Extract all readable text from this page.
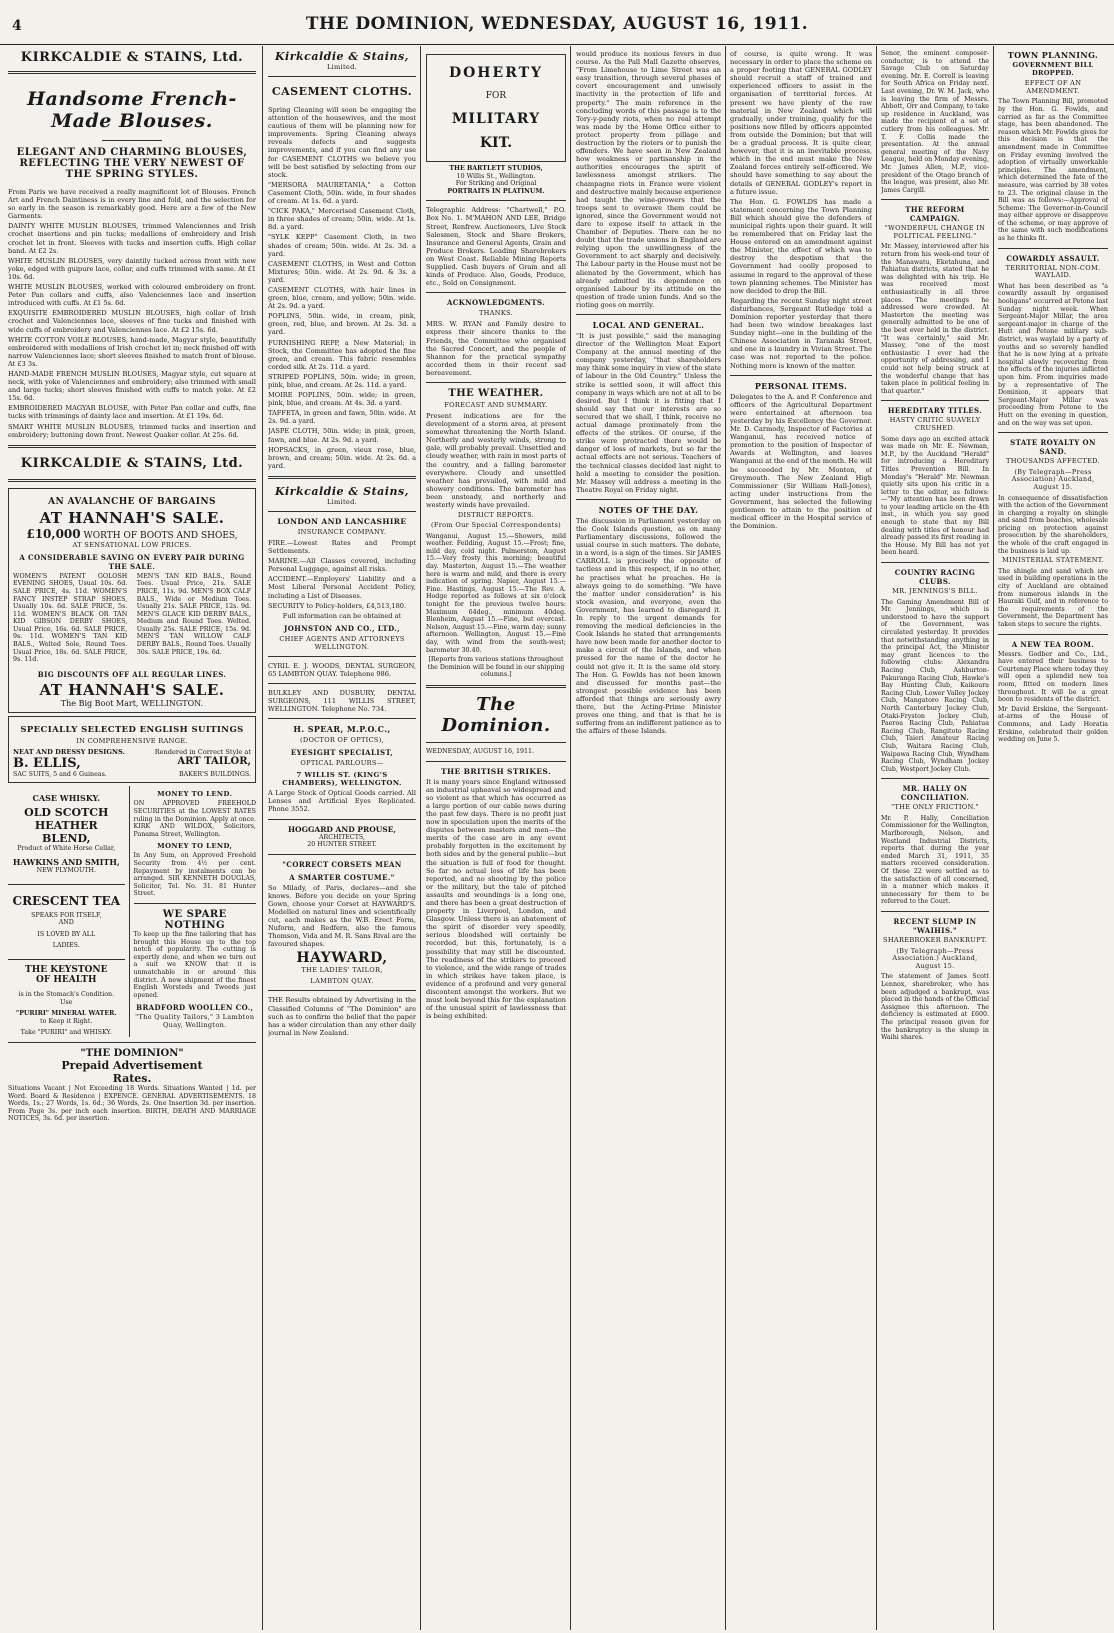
4	THE DOMINION, WEDNESDAY, AUGUST 16, 1911.
KIRKCALDIE & STAINS, Ltd.
Handsome French-Made Blouses.
ELEGANT AND CHARMING BLOUSES,
REFLECTING THE VERY NEWEST OF
THE SPRING STYLES.

From Paris we have received a really magnificent lot of Blouses. French Art and French Daintiness is in every line and fold, and the selection for so early in the season is remarkably good. Here are a few of the New Garments.

DAINTY WHITE MUSLIN BLOUSES, trimmed Valenciennes and Irish crochet insertions and pin tucks; medallions of embroidery and Irish crochet let in front. Sleeves with tucks and insertion cuffs. High collar band. At £2 2s.

WHITE MUSLIN BLOUSES, very daintily tucked across front with new yoke, edged with guipure lace, collar, and cuffs trimmed with same. At £1 10s. 6d.

WHITE MUSLIN BLOUSES, worked with coloured embroidery on front. Peter Pan collars and cuffs, also Valenciennes lace and insertion introduced with cuffs. At £1 5s. 6d.

EXQUISITE EMBROIDERED MUSLIN BLOUSES, high collar of Irish crochet and Valenciennes lace, sleeves of fine tucks and finished with wide cuffs of embroidery and Valenciennes lace. At £2 15s. 6d.

WHITE COTTON VOILE BLOUSES, hand-made, Magyar style, beautifully embroidered with medallions of Irish crochet let in; neck finished off with narrow Valenciennes lace; short sleeves finished to match front of blouse. At £3 3s.

HAND-MADE FRENCH MUSLIN BLOUSES, Magyar style, cut square at neck, with yoke of Valenciennes and embroidery; also trimmed with small and large tucks; short sleeves finished with cuffs to match yoke. At £2 15s. 6d.

EMBROIDERED MAGYAR BLOUSE, with Peter Pan collar and cuffs, fine tucks with trimmings of dainty lace and insertion. At £1 19s. 6d.

SMART WHITE MUSLIN BLOUSES, trimmed tucks and insertion and embroidery; buttoning down front. Newest Quaker collar. At 25s. 6d.

KIRKCALDIE & STAINS, Ltd.
AN AVALANCHE OF BARGAINS
AT HANNAH'S SALE.
£10,000 WORTH OF BOOTS AND SHOES,
AT SENSATIONAL LOW PRICES.
A CONSIDERABLE SAVING ON EVERY PAIR DURING THE SALE.

WOMEN'S PATENT GOLOSH EVENING SHOES, Usual 10s. 6d. SALE PRICE, 4s. 11d. WOMEN'S FANCY INSTEP STRAP SHOES, Usually 10s. 6d. SALE PRICE, 5s. 11d. WOMEN'S BLACK OR TAN KID GIBSON DERBY SHOES, Usual Price, 16s. 6d. SALE PRICE, 9s. 11d. WOMEN'S TAN KID BALS., Welted Sole, Round Toes. Usual Price, 18s. 6d. SALE PRICE, 9s. 11d.

MEN'S TAN KID BALS., Round Toes. Usual Price, 21s. SALE PRICE, 11s. 9d. MEN'S BOX CALF BALS., Wide or Medium Toes. Usually 21s. SALE PRICE, 12s. 9d. MEN'S GLACE KID DERBY BALS., Medium and Round Toes. Welted. Usually 25s. SALE PRICE, 15s. 9d. MEN'S TAN WILLOW CALF DERBY BALS., Round Toes. Usually 30s. SALE PRICE, 19s. 6d.

BIG DISCOUNTS OFF ALL REGULAR LINES.
AT HANNAH'S SALE.
The Big Boot Mart, WELLINGTON.
SPECIALLY SELECTED ENGLISH SUITINGS
IN COMPREHENSIVE RANGE.
NEAT AND DRESSY DESIGNS.	Rendered in Correct Style at
B. ELLIS,	ART TAILOR,
SAC SUITS, 5 and 6 Guineas.	BAKER'S BUILDINGS.
CASE WHISKY.
OLD SCOTCH
HEATHER BLEND,
Product of White Horse Cellar,
HAWKINS AND SMITH,
NEW PLYMOUTH.
CRESCENT TEA
SPEAKS FOR ITSELF,
AND
IS LOVED BY ALL
LADIES.
THE KEYSTONE
OF HEALTH
is in the Stomach's Condition.
Use
"PURIRI" MINERAL WATER.
to Keep it Right.
Take "PURIRI" and WHISKY.
MONEY TO LEND.

ON APPROVED FREEHOLD SECURITIES at the LOWEST RATES ruling in the Dominion. Apply at once. KIRK AND WILDOX, Solicitors, Panama Street, Wellington.

MONEY TO LEND,

In Any Sum, on Approved Freehold Security from 4½ per cent. Repayment by instalments can be arranged. SIR KENNETH DOUGLAS, Solicitor, Tel. No. 31. 81 Hunter Street.

WE SPARE NOTHING

To keep up the fine tailoring that has brought this House up to the top notch of popularity. The cutting is expertly done, and when we turn out a suit we KNOW that it is unmatchable in or around this district. A new shipment of the finest English Worsteds and Tweeds just opened.

BRADFORD WOOLLEN CO.,
"The Quality Tailors," 3 Lambton Quay, Wellington.
"THE DOMINION"
Prepaid Advertisement
Rates.

Situations Vacant | Not Exceeding 18 Words. Situations Wanted | 1d. per Word. Board & Residence | EXPENCE. GENERAL ADVERTISEMENTS. 18 Words, 1s.; 27 Words, 1s. 6d.; 36 Words, 2s. One Insertion 3d. per insertion. From Page 3s. per inch each insertion. BIRTH, DEATH AND MARRIAGE NOTICES, 3s. 6d. per insertion.

Kirkcaldie & Stains,
Limited.
CASEMENT CLOTHS.

Spring Cleaning will soon be engaging the attention of the housewives, and the most cautious of them will be planning now for improvements. Spring Cleaning always reveals defects and suggests improvements, and if you can find any use for CASEMENT CLOTHS we believe you will be best satisfied by selecting from our stock.

"MERSORA MAURETANIA," a Cotton Casement Cloth, 50in. wide, in four shades of cream. At 1s. 6d. a yard.

"CICK PAKA," Mercerised Casement Cloth, in three shades of cream; 50in. wide. At 1s. 8d. a yard.

"SYLK KEPP" Casement Cloth, in two shades of cream; 50in. wide. At 2s. 3d. a yard.

CASEMENT CLOTHS, in West and Cotton Mixtures; 50in. wide. At 2s. 9d. & 3s. a yard.

CASEMENT CLOTHS, with hair lines in green, blue, cream, and yellow; 50in. wide. At 2s. 9d. a yard.

POPLINS, 50in. wide, in cream, pink, green, red, blue, and brown. At 2s. 3d. a yard.

FURNISHING REPP, a New Material; in Stock, the Committee has adopted the fine green, and cream. This fabric resembles corded silk. At 2s. 11d. a yard.

STRIPED POPLINS, 50in. wide; in green, pink, blue, and cream. At 2s. 11d. a yard.

MOIRE POPLINS, 50in. wide; in green, pink, blue, and cream. At 4s. 3d. a yard.

TAFFETA, in green and fawn, 50in. wide. At 2s. 9d. a yard.

JASPE CLOTH, 50in. wide; in pink, green, fawn, and blue. At 2s. 9d. a yard.

HOPSACKS, in green, vieux rose, blue, brown, and cream; 50in. wide. At 2s. 6d. a yard.

Kirkcaldie & Stains,
Limited.
LONDON AND LANCASHIRE
INSURANCE COMPANY.

FIRE.—Lowest Rates and Prompt Settlements.

MARINE.—All Classes covered, including Personal Luggage, against all risks.

ACCIDENT.—Employers' Liability and a Most Liberal Personal Accident Policy, including a List of Diseases.

SECURITY to Policy-holders, £4,513,180.

Full information can be obtained at

JOHNSTON AND CO., LTD.,
CHIEF AGENTS AND ATTORNEYS WELLINGTON.

CYRIL E. J. WOODS, DENTAL SURGEON, 65 LAMBTON QUAY. Telephone 986.

BULKLEY AND DUSBURY, DENTAL SURGEONS, 111 WILLIS STREET, WELLINGTON. Telephone No. 734.

H. SPEAR, M.P.O.C.,
(DOCTOR OF OPTICS),
EYESIGHT SPECIALIST,
OPTICAL PARLOURS—
7 WILLIS ST. (KING'S CHAMBERS), WELLINGTON.

A Large Stock of Optical Goods carried. All Lenses and Artificial Eyes Replicated. Phone 3552.

HOGGARD AND PROUSE,
ARCHITECTS,
20 HUNTER STREET.
"CORRECT CORSETS MEAN
A SMARTER COSTUME."

So Milady, of Paris, declares—and she knows. Before you decide on your Spring Gown, choose your Corset at HAYWARD'S. Modelled on natural lines and scientifically cut, each makes as the W.B. Erect Form, Nuform, and Redfern, also the famous Thomson, Vida and M. R. Sans Rival are the favoured shapes.

HAYWARD,
THE LADIES' TAILOR,
LAMBTON QUAY.

THE Results obtained by Advertising in the Classified Columns of "The Dominion" are such as to confirm the belief that the paper has a wider circulation than any other daily journal in New Zealand.

DOHERTY
FOR
MILITARY
KIT.
THE BARTLETT STUDIOS,
10 Willis St., Wellington.
For Striking and Original
PORTRAITS IN PLATINUM.

Telegraphic Address: "Chartwell," P.O. Box No. 1. M'MAHON AND LEE, Bridge Street, Renfrew. Auctioneers, Live Stock Salesmen, Stock and Share Brokers, Insurance and General Agents, Grain and Produce Brokers. Leading Sharebrokers on West Coast. Reliable Mining Reports Supplied. Cash buyers of Grain and all kinds of Produce. Also, Goods, Produce, etc., Sold on Consignment.

ACKNOWLEDGMENTS.
THANKS.

MRS. W. RYAN and Family desire to express their sincere thanks to the Friends, the Committee who organised the Sacred Concert, and the people of Shannon for the practical sympathy accorded them in their recent sad bereavement.

THE WEATHER.
FORECAST AND SUMMARY.

Present indications are for the development of a storm area, at present somewhat threatening the North Island. Northerly and westerly winds, strong to gale, will probably prevail. Unsettled and cloudy weather, with rain in most parts of the country, and a falling barometer everywhere. Cloudy and unsettled weather has prevailed, with mild and showery conditions. The barometer has been unsteady, and northerly and westerly winds have prevailed.

DISTRICT REPORTS.
(From Our Special Correspondents)

Wanganui, August 15.—Showers, mild weather. Feilding, August 15.—Frost; fine, mild day, cold night. Palmerston, August 15.—Very frosty this morning; beautiful day. Masterton, August 15.—The weather here is warm and mild, and there is every indication of spring. Napier, August 15.—Fine. Hastings, August 15.—The Rev. A. Hodge reported as follows at six o'clock tonight for the previous twelve hours: Maximum 64deg., minimum 40deg. Blenheim, August 15.—Fine, but overcast. Nelson, August 15.—Fine, warm day; sunny afternoon. Wellington, August 15.—Fine day, with wind from the south-west; barometer 30.40.

[Reports from various stations throughout the Dominion will be found in our shipping columns.]

The Dominion.
WEDNESDAY, AUGUST 16, 1911.
THE BRITISH STRIKES.

It is many years since England witnessed an industrial upheaval so widespread and so violent as that which has occurred as a large portion of our cable news during the past few days. There is no profit just now in speculation upon the merits of the disputes between masters and men—the merits of the case are in any event probably forgotten in the excitement by both sides and by the general public—but the situation is full of food for thought. So far no actual loss of life has been reported, and no shooting by the police or the military, but the tale of pitched assaults and woundings is a long one, and there has been a great destruction of property in Liverpool, London, and Glasgow. Unless there is an abatement of the spirit of disorder very speedily, serious bloodshed will certainly be recorded, but this, fortunately, is a possibility that may still be discounted. The readiness of the strikers to proceed to violence, and the wide range of trades in which strikes have taken place, is evidence of a profound and very general discontent amongst the workers. But we must look beyond this for the explanation of the unusual spirit of lawlessness that is being exhibited.

would produce its noxious fevers in due course. As the Pall Mall Gazette observes, "From Limehouse to Lime Street was an easy transition, through several phases of covert encouragement and unwisely inactivity in the protection of life and property." The main reference in the concluding words of this passage is to the Tory-y-pandy riots, when no real attempt was made by the Home Office either to protect property from pillage and destruction by the rioters or to punish the offenders. We have seen in New Zealand how weakness or partisanship in the authorities encourages the spirit of lawlessness amongst strikers. The champagne riots in France were violent and destructive mainly because experience had taught the wine-growers that the troops sent to overawe them could be ignored, since the Government would not dare to expose itself to attack in the Chamber of Deputies. There can be no doubt that the trade unions in England are relying upon the unwillingness of the Government to act sharply and decisively. The Labour party in the House must not be alienated by the Government, which has already admitted its dependence on organised Labour by its attitude on the question of trade union funds. And so the rioting goes on merrily.

LOCAL AND GENERAL.

"It is just possible," said the managing director of the Wellington Meat Export Company at the annual meeting of the company yesterday, "that shareholders may think some inquiry in view of the state of labour in the Old Country." Unless the strike is settled soon, it will affect this company in ways which are not at all to be desired. But I think it is fitting that I should say that our interests are so secured that we shall, I think, receive no actual damage proximately from the effects of the strikes. Of course, if the strike were protracted there would be danger of loss of markets, but so far the actual effects are not serious. Teachers of the technical classes decided last night to hold a meeting to consider the position. Mr. Massey will address a meeting in the Theatre Royal on Friday night.

NOTES OF THE DAY.

The discussion in Parliament yesterday on the Cook Islands question, as on many Parliamentary discussions, followed the usual course in such matters. The debate, in a word, is a sign of the times. Sir JAMES CARROLL is precisely the opposite of tactless and in this respect, if in no other, he practises what he preaches. He is always going to do something. "We have the matter under consideration" is his stock evasion, and everyone, even the Government, has learned to disregard it. In reply to the urgent demands for removing the medical deficiencies in the Cook Islands he stated that arrangements have now been made for another doctor to make a circuit of the Islands, and when pressed for the name of the doctor he could not give it. It is the same old story. The Hon. G. Fowlds has not been known and discussed for months past—the strongest possible evidence has been afforded that things are seriously awry there, but the Acting-Prime Minister proves one thing, and that is that he is suffering from an indifferent patience as to the affairs of these Islands.

of course, is quite wrong. It was necessary in order to place the scheme on a proper footing that GENERAL GODLEY should recruit a staff of trained and experienced officers to assist in the organisation of territorial forces. At present we have plenty of the raw material in New Zealand which will gradually, under training, qualify for the positions now filled by officers appointed from outside the Dominion; but that will be a gradual process. It is quite clear, however, that it is an inevitable process, which in the end must make the New Zealand forces entirely self-officered. We should have something to say about the details of GENERAL GODLEY's report in a future issue.

The Hon. G. FOWLDS has made a statement concerning the Town Planning Bill which should give the defenders of municipal rights upon their guard. It will be remembered that on Friday last the House entered on an amendment against the Minister, the effect of which was to destroy the despotism that the Government had coolly proposed to assume in regard to the approval of these town planning schemes. The Minister has now decided to drop the Bill.

Regarding the recent Sunday night street disturbances, Sergeant Rutledge told a Dominion reporter yesterday that there had been two window breakages last Sunday night—one in the building of the Chinese Association in Taranaki Street, and one in a laundry in Vivian Street. The case was not reported to the police. Nothing more is known of the matter.

PERSONAL ITEMS.

Delegates to the A. and P. Conference and officers of the Agricultural Department were entertained at afternoon tea yesterday by his Excellency the Governor. Mr. D. Carmody, Inspector of Factories at Wanganui, has received notice of promotion to the position of Inspector of Awards at Wellington, and leaves Wanganui at the end of the month. He will be succeeded by Mr. Monton, of Greymouth. The New Zealand High Commissioner (Sir William Hall-Jones), acting under instructions from the Government, has selected the following gentlemen to attain to the position of medical officer in the Hospital service of the Dominion.

Senor, the eminent composer-conductor, is to attend the Savage Club on Saturday evening. Mr. E. Correll is leaving for South Africa on Friday next. Last evening, Dr. W. M. Jack, who is leaving the firm of Messrs. Abbott, Orr and Company, to take up residence in Auckland, was made the recipient of a set of cutlery from his colleagues. Mr. T. F. Collis made the presentation. At the annual general meeting of the Navy League, held on Monday evening, Mr. James Allen, M.P., vice-president of the Otago branch of the league, was present, also Mr. James Cargill.

THE REFORM CAMPAIGN.
"WONDERFUL CHANGE IN POLITICAL FEELING."

Mr. Massey, interviewed after his return from his week-end tour of the Manawatu, Eketahuna, and Pahiatua districts, stated that he was delighted with his trip. He was received most enthusiastically in all three places. The meetings he addressed were crowded. At Masterton the meeting was generally admitted to be one of the best ever held in the district. "It was certainly," said Mr. Massey, "one of the most enthusiastic I ever had the opportunity of addressing, and I could not help being struck at the wonderful change that has taken place in political feeling in that quarter."

HEREDITARY TITLES.
HASTY CRITIC SUAVELY CRUSHED.

Some days ago an excited attack was made on Mr. E. Newman, M.P., by the Auckland "Herald" for introducing a Hereditary Titles Prevention Bill. In Monday's "Herald" Mr. Newman quietly sits upon his critic in a letter to the editor, as follows:—"My attention has been drawn to your leading article on the 4th inst., in which you say good enough to state that my Bill dealing with titles of honour had already passed its first reading in the House. My Bill has not yet been heard.

COUNTRY RACING CLUBS.
MR. JENNINGS'S BILL.

The Gaming Amendment Bill of Mr. Jennings, which is understood to have the support of the Government, was circulated yesterday. It provides that notwithstanding anything in the principal Act, the Minister may grant licences to the following clubs: Alexandra Racing Club, Ashburton-Pakuranga Racing Club, Hawke's Bay Hunting Club, Kaikoura Racing Club, Lower Valley Jockey Club, Mangatoro Racing Club, North Canterbury Jockey Club, Otaki-Fryston Jockey Club, Paeroa Racing Club, Pahiatua Racing Club, Rangitoto Racing Club, Taieri Amateur Racing Club, Waitara Racing Club, Waipawa Racing Club, Wyndham Racing Club, Wyndham Jockey Club, Westport Jockey Club.

MR. HALLY ON CONCILIATION.
"THE ONLY FRICTION."

Mr. P. Hally, Conciliation Commissioner for the Wellington, Marlborough, Nelson, and Westland Industrial Districts, reports that during the year ended March 31, 1911, 35 matters received consideration. Of these 22 were settled as to the satisfaction of all concerned, in a manner which makes it unnecessary for them to be referred to the Court.

RECENT SLUMP IN "WAIHIS."
SHAREBROKER BANKRUPT.
(By Telegraph—Press Association.) Auckland, August 15.

The statement of James Scott Lennox, sharebroker, who has been adjudged a bankrupt, was placed in the hands of the Official Assignee this afternoon. The deficiency is estimated at £600. The principal reason given for the bankruptcy is the slump in Waihi shares.

TOWN PLANNING.
GOVERNMENT BILL DROPPED.
EFFECT OF AN AMENDMENT.

The Town Planning Bill, promoted by the Hon. G. Fowlds, and carried as far as the Committee stage, has been abandoned. The reason which Mr. Fowlds gives for this decision is that the amendment made in Committee on Friday evening involved the adoption of virtually unworkable principles. The amendment, which determined the fate of the measure, was carried by 38 votes to 23. The original clause in the Bill was as follows:—Approval of Scheme: The Governor-in-Council may either approve or disapprove of the scheme, or may approve of the same with such modifications as he thinks fit.

COWARDLY ASSAULT.
TERRITORIAL NON-COM. WAYLAID.

What has been described as "a cowardly assault by organised hooligans" occurred at Petone last Sunday night week. When Sergeant-Major Millar, the area sergeant-major in charge of the Hutt and Petone military sub-district, was waylaid by a party of youths and so severely handled that he is now lying at a private hospital slowly recovering from the effects of the injuries inflicted upon him. From inquiries made by a representative of The Dominion, it appears that Sergeant-Major Millar was proceeding from Petone to the Hutt on the evening in question, and on the way was set upon.

STATE ROYALTY ON SAND.
THOUSANDS AFFECTED.
(By Telegraph—Press Association) Auckland, August 15.

In consequence of dissatisfaction with the action of the Government in charging a royalty on shingle and sand from beaches, wholesale pricing on protection against prosecution by the shareholders, the whole of the craft engaged in the business is laid up.

MINISTERIAL STATEMENT.

The shingle and sand which are used in building operations in the city of Auckland are obtained from numerous islands in the Hauraki Gulf, and in reference to the requirements of the Government, the Department has taken steps to secure the rights.

A NEW TEA ROOM.

Messrs. Godber and Co., Ltd., have entered their business to Courtenay Place where today they will open a splendid new tea room, fitted on modern lines throughout. It will be a great boon to residents of the district.

Mr David Erskine, the Sergeant-at-arms of the House of Commons, and Lady Horatia Erskine, celebrated their golden wedding on June 5.
